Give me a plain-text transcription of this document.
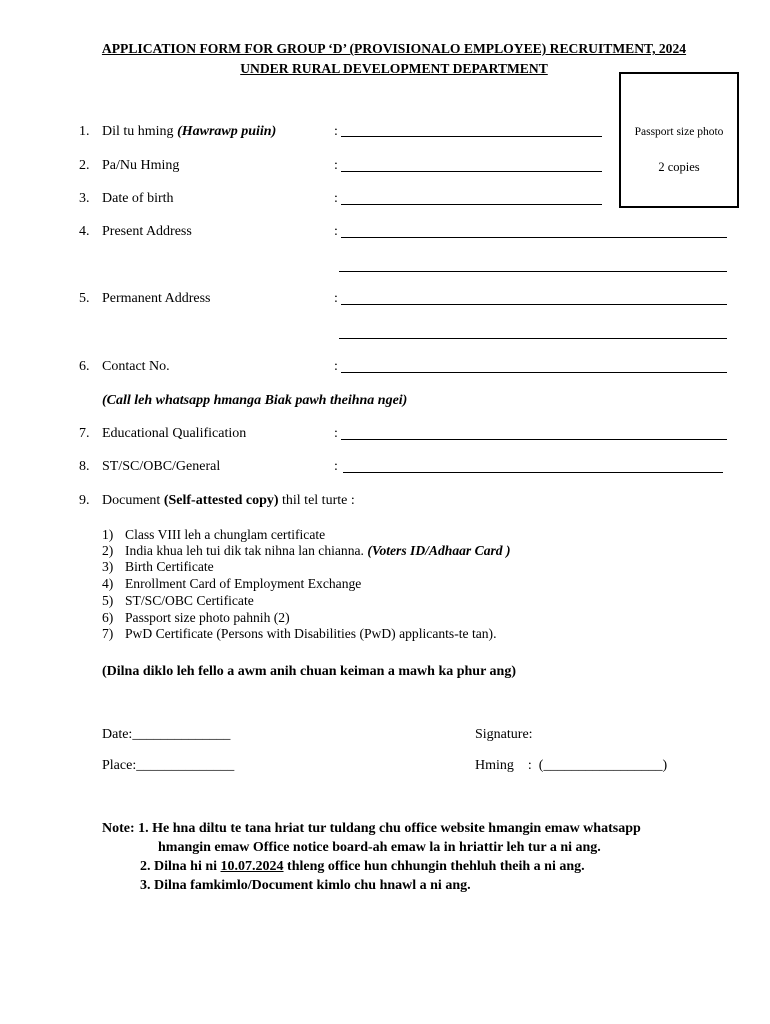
APPLICATION FORM FOR GROUP ‘D’ (PROVISIONALO EMPLOYEE) RECRUITMENT, 2024
UNDER RURAL DEVELOPMENT DEPARTMENT
Passport size photo
2 copies
1. Dil tu hming (Hawrawp puiin)	:
2. Pa/Nu Hming	:
3. Date of birth	:
4. Present Address	:
5. Permanent Address	:
6. Contact No.	:
(Call leh whatsapp hmanga Biak pawh theihna ngei)
7. Educational Qualification	:
8. ST/SC/OBC/General	:
9. Document (Self-attested copy) thil tel turte :
1) Class VIII leh a chunglam certificate
2) India khua leh tui dik tak nihna lan chianna. (Voters ID/Adhaar Card )
3) Birth Certificate
4) Enrollment Card of Employment Exchange
5) ST/SC/OBC Certificate
6) Passport size photo pahnih (2)
7) PwD Certificate (Persons with Disabilities (PwD) applicants-te tan).
(Dilna diklo leh fello a awm anih chuan keiman a mawh ka phur ang)
Date:______________
Place:______________
Signature:
Hming    :  (_________________)
Note: 1. He hna diltu te tana hriat tur tuldang chu office website hmangin emaw whatsapp
hmangin emaw Office notice board-ah emaw la in hriattir leh tur a ni ang.
2. Dilna hi ni 10.07.2024 thleng office hun chhungin thehluh theih a ni ang.
3. Dilna famkimlo/Document kimlo chu hnawl a ni ang.
